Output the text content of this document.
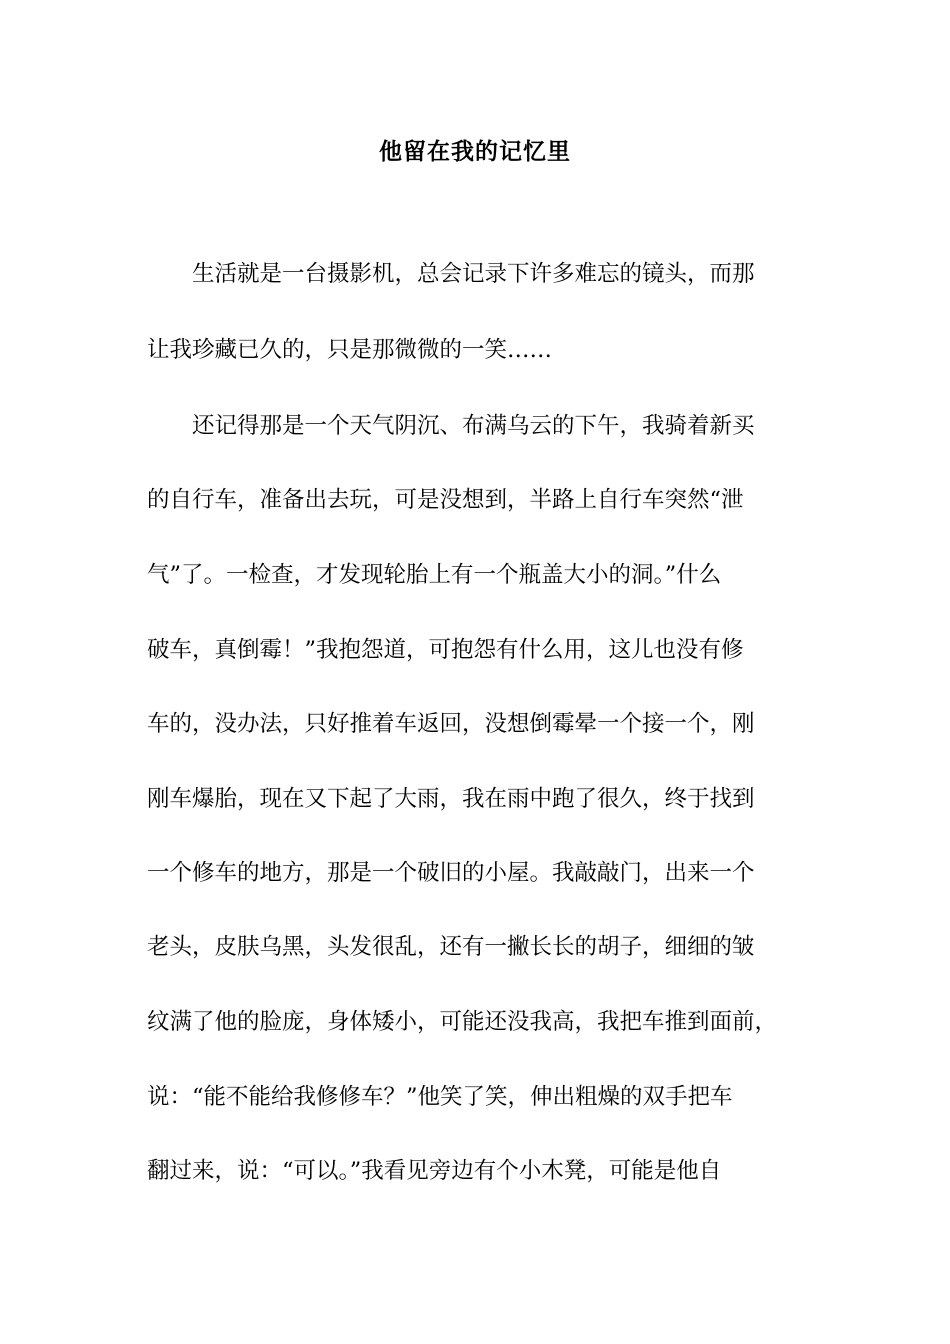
他留在我的记忆里
生活就是一台摄影机，总会记录下许多难忘的镜头，而那
让我珍藏已久的，只是那微微的一笑……
还记得那是一个天气阴沉、布满乌云的下午，我骑着新买
的自行车，准备出去玩，可是没想到，半路上自行车突然“泄
气”了。一检查，才发现轮胎上有一个瓶盖大小的洞。”什么
破车，真倒霉！”我抱怨道，可抱怨有什么用，这儿也没有修
车的，没办法，只好推着车返回，没想倒霉晕一个接一个，刚
刚车爆胎，现在又下起了大雨，我在雨中跑了很久，终于找到
一个修车的地方，那是一个破旧的小屋。我敲敲门，出来一个
老头，皮肤乌黑，头发很乱，还有一撇长长的胡子，细细的皱
纹满了他的脸庞，身体矮小，可能还没我高，我把车推到面前，
说：“能不能给我修修车？”他笑了笑，伸出粗燥的双手把车
翻过来，说：“可以。”我看见旁边有个小木凳，可能是他自
